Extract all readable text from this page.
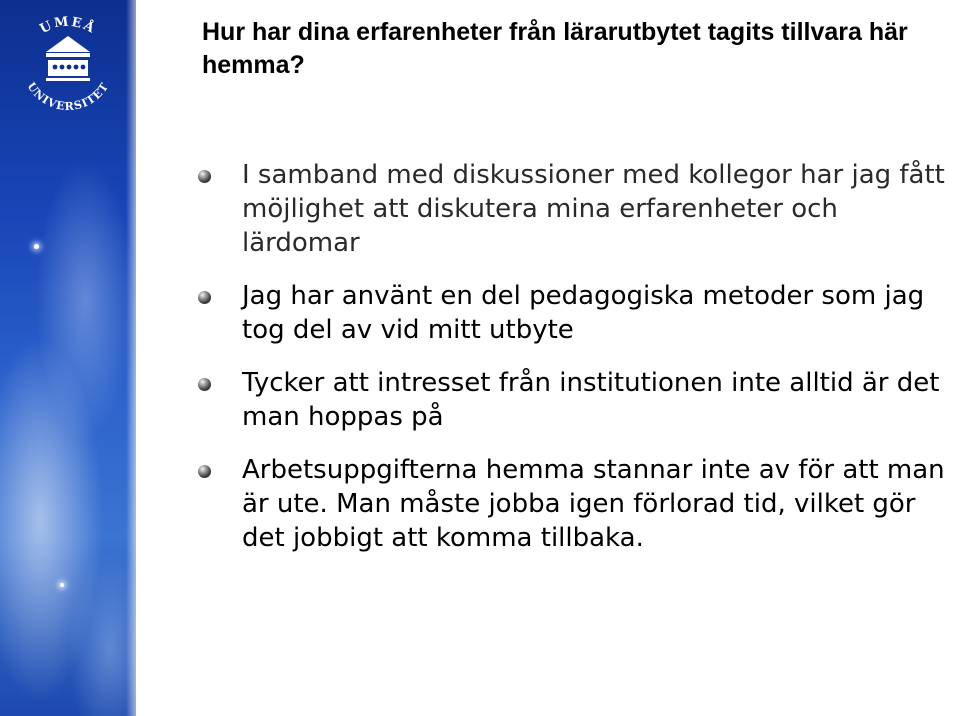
UMEÅ
UNIVERSITET
Hur har dina erfarenheter från lärarutbytet tagits tillvara här hemma?
I samband med diskussioner med kollegor har jag fått möjlighet att diskutera mina erfarenheter och lärdomar
Jag har använt en del pedagogiska metoder som jag tog del av vid mitt utbyte
Tycker att intresset från institutionen inte alltid är det man hoppas på
Arbetsuppgifterna hemma stannar inte av för att man är ute. Man måste jobba igen förlorad tid, vilket gör det jobbigt att komma tillbaka.
